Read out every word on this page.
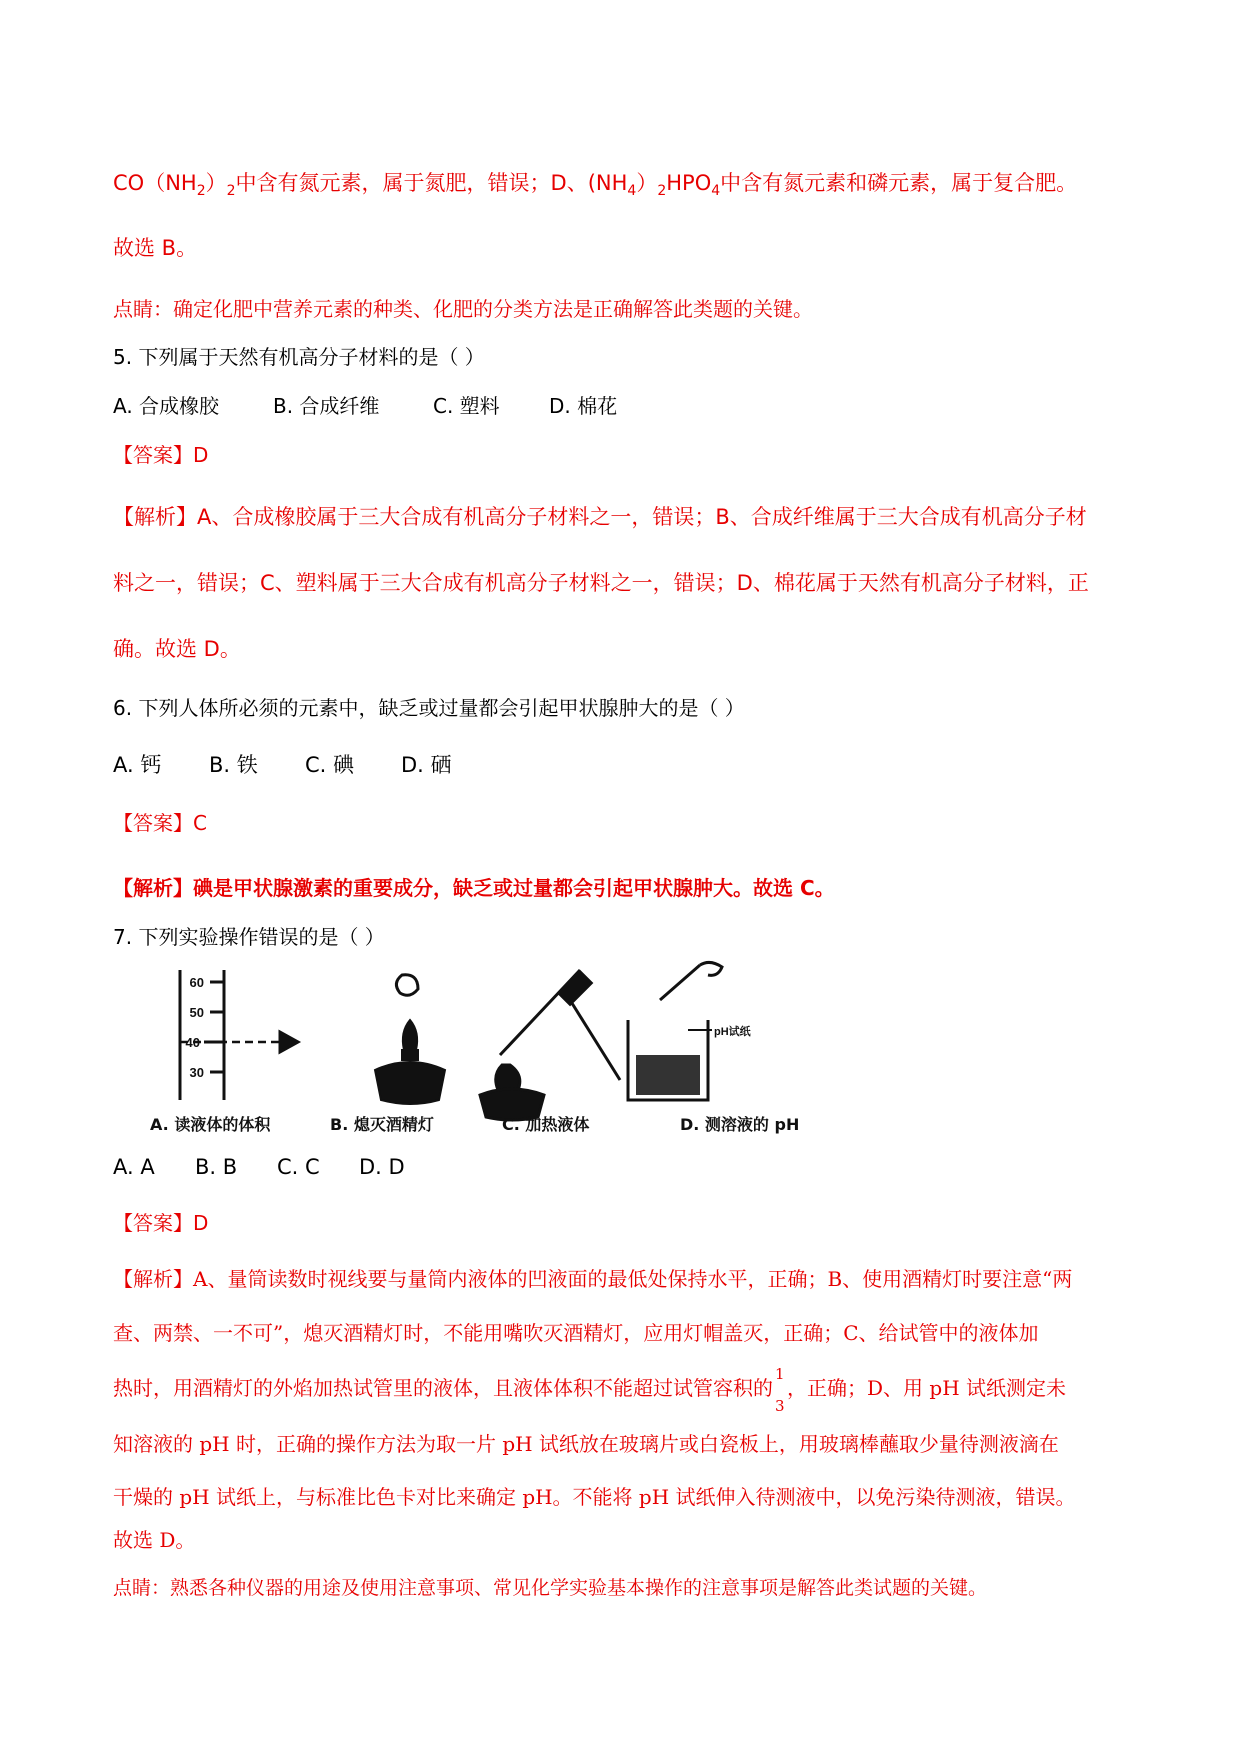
$CO(NH_2)_2$中含有氮元素，属于氮肥，错误；D、$(NH_4)_2HPO_4$中含有氮元素和磷元素，属于复合肥。
故选 B。
点睛：确定化肥中营养元素的种类、化肥的分类方法是正确解答此类题的关键。
5. 下列属于天然有机高分子材料的是（ ）
A. 合成橡胶	B. 合成纤维	C. 塑料 D. 棉花
【答案】D
【解析】A、合成橡胶属于三大合成有机高分子材料之一，错误；B、合成纤维属于三大合成有机高分子材
料之一，错误；C、塑料属于三大合成有机高分子材料之一，错误；D、棉花属于天然有机高分子材料，正
确。故选 D。
6. 下列人体所必须的元素中，缺乏或过量都会引起甲状腺肿大的是（ ）
A. 钙 B. 铁 C. 碘 D. 硒
【答案】C
【解析】碘是甲状腺激素的重要成分，缺乏或过量都会引起甲状腺肿大。故选 C。
7. 下列实验操作错误的是（ ）
60
50
40
30
pH试纸
A. 读液体的体积	B. 熄灭酒精灯	C. 加热液体	D. 测溶液的 pH
A. A B. B C. C D. D
【答案】D
【解析】A、量筒读数时视线要与量筒内液体的凹液面的最低处保持水平，正确；B、使用酒精灯时要注意“两
查、两禁、一不可”，熄灭酒精灯时，不能用嘴吹灭酒精灯，应用灯帽盖灭，正确；C、给试管中的液体加
热时，用酒精灯的外焰加热试管里的液体，且液体体积不能超过试管容积的
1
3
，正确；D、用 pH 试纸测定未
知溶液的 pH 时，正确的操作方法为取一片 pH 试纸放在玻璃片或白瓷板上，用玻璃棒蘸取少量待测液滴在
干燥的 pH 试纸上，与标准比色卡对比来确定 pH。不能将 pH 试纸伸入待测液中，以免污染待测液，错误。
故选 D。
点睛：熟悉各种仪器的用途及使用注意事项、常见化学实验基本操作的注意事项是解答此类试题的关键。
